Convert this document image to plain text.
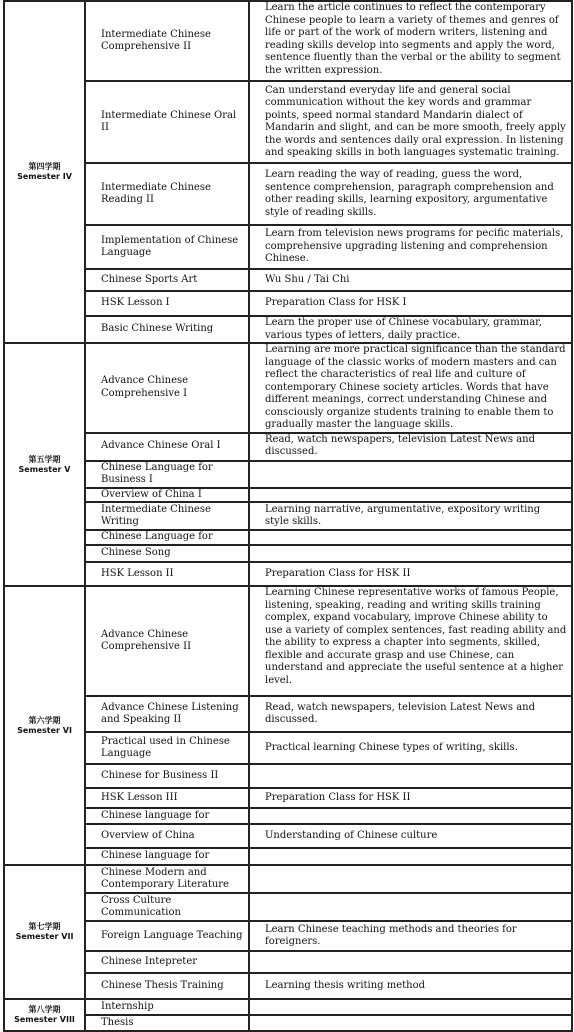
第四学期 Semester IV	Intermediate Chinese Comprehensive II	Learn the article continues to reflect the contemporary Chinese people to learn a variety of themes and genres of life or part of the work of modern writers, listening and reading skills develop into segments and apply the word, sentence fluently than the verbal or the ability to segment the written expression.
	Intermediate Chinese Oral II	Can understand everyday life and general social communication without the key words and grammar points, speed normal standard Mandarin dialect of Mandarin and slight, and can be more smooth, freely apply the words and sentences daily oral expression. In listening and speaking skills in both languages systematic training.
	Intermediate Chinese Reading II	Learn reading the way of reading, guess the word, sentence comprehension, paragraph comprehension and other reading skills, learning expository, argumentative style of reading skills.
	Implementation of Chinese Language	Learn from television news programs for pecific materials, comprehensive upgrading listening and comprehension Chinese.
	Chinese Sports Art	Wu Shu / Tai Chi
	HSK Lesson I	Preparation Class for HSK I
	Basic Chinese Writing	Learn the proper use of Chinese vocabulary, grammar, various types of letters, daily practice.
第五学期 Semester V	Advance Chinese Comprehensive I	Learning are more practical significance than the standard language of the classic works of modern masters and can reflect the characteristics of real life and culture of contemporary Chinese society articles. Words that have different meanings, correct understanding Chinese and consciously organize students training to enable them to gradually master the language skills.
	Advance Chinese Oral I	Read, watch newspapers, television Latest News and discussed.
	Chinese Language for Business I	
	Overview of China I	
	Intermediate Chinese Writing	Learning narrative, argumentative, expository writing style skills.
	Chinese Language for	
	Chinese Song	
	HSK Lesson II	Preparation Class for HSK II
第六学期 Semester VI	Advance Chinese Comprehensive II	Learning Chinese representative works of famous People, listening, speaking, reading and writing skills training complex, expand vocabulary, improve Chinese ability to use a variety of complex sentences, fast reading ability and the ability to express a chapter into segments, skilled, flexible and accurate grasp and use Chinese, can understand and appreciate the useful sentence at a higher level.
	Advance Chinese Listening and Speaking II	Read, watch newspapers, television Latest News and discussed.
	Practical used in Chinese Language	Practical learning Chinese types of writing, skills.
	Chinese for Business II	
	HSK Lesson III	Preparation Class for HSK II
	Chinese language for	
	Overview of China	Understanding of Chinese culture
	Chinese language for	
第七学期 Semester VII	Chinese Modern and Contemporary Literature	
	Cross Culture Communication	
	Foreign Language Teaching	Learn Chinese teaching methods and theories for foreigners.
	Chinese Intepreter	
	Chinese Thesis Training	Learning thesis writing method
第八学期 Semester VIII	Internship	
	Thesis	
